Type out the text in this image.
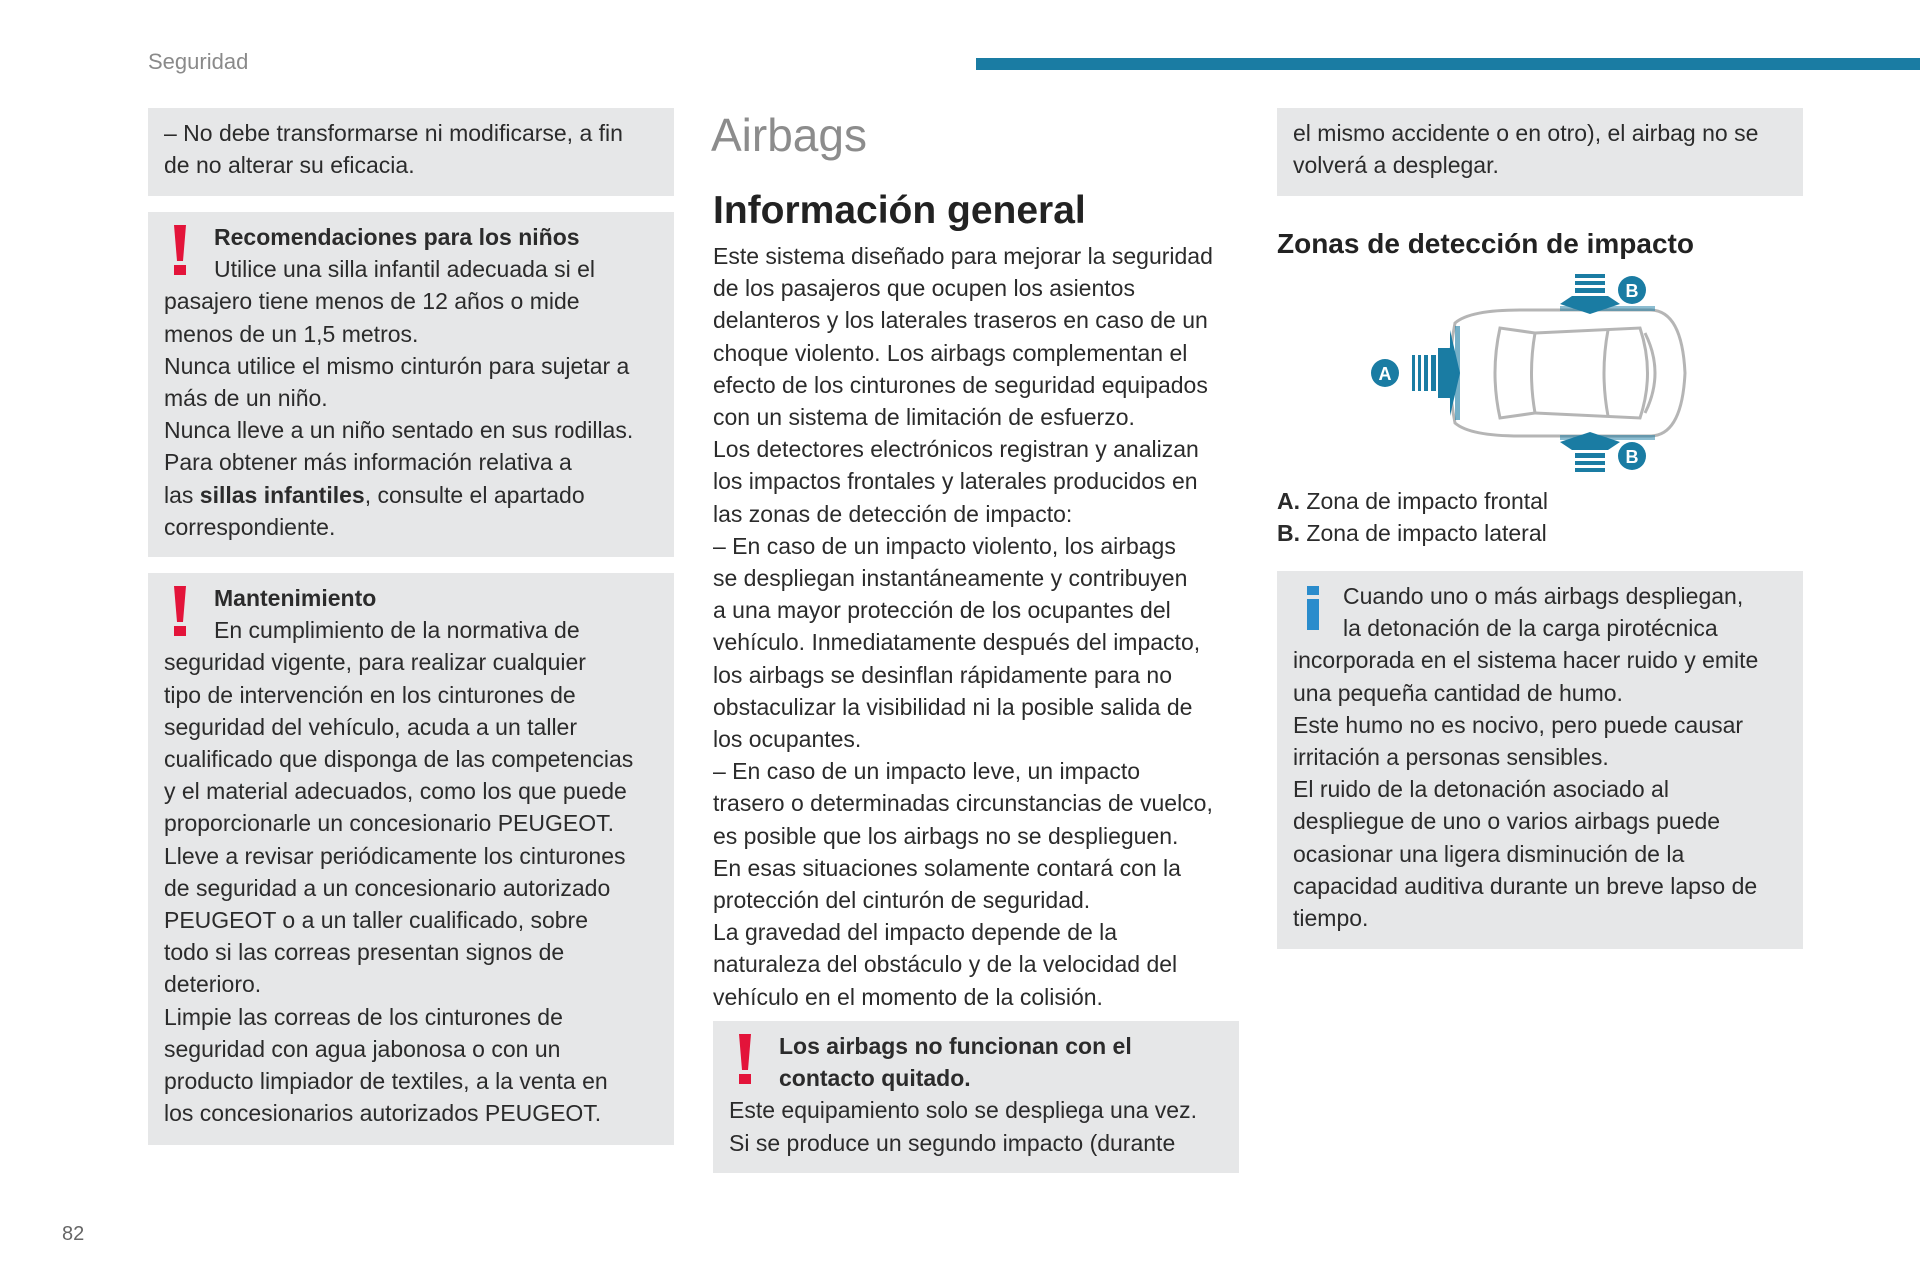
Seguridad
82
– No debe transformarse ni modificarse, a fin
de no alterar su eficacia.
Recomendaciones para los niños
Utilice una silla infantil adecuada si el
pasajero tiene menos de 12 años o mide
menos de un 1,5 metros.
Nunca utilice el mismo cinturón para sujetar a
más de un niño.
Nunca lleve a un niño sentado en sus rodillas.
Para obtener más información relativa a
las sillas infantiles, consulte el apartado
correspondiente.
Mantenimiento
En cumplimiento de la normativa de
seguridad vigente, para realizar cualquier
tipo de intervención en los cinturones de
seguridad del vehículo, acuda a un taller
cualificado que disponga de las competencias
y el material adecuados, como los que puede
proporcionarle un concesionario PEUGEOT.
Lleve a revisar periódicamente los cinturones
de seguridad a un concesionario autorizado
PEUGEOT o a un taller cualificado, sobre
todo si las correas presentan signos de
deterioro.
Limpie las correas de los cinturones de
seguridad con agua jabonosa o con un
producto limpiador de textiles, a la venta en
los concesionarios autorizados PEUGEOT.
Airbags
Información general
Este sistema diseñado para mejorar la seguridad
de los pasajeros que ocupen los asientos
delanteros y los laterales traseros en caso de un
choque violento. Los airbags complementan el
efecto de los cinturones de seguridad equipados
con un sistema de limitación de esfuerzo.
Los detectores electrónicos registran y analizan
los impactos frontales y laterales producidos en
las zonas de detección de impacto:
– En caso de un impacto violento, los airbags
se despliegan instantáneamente y contribuyen
a una mayor protección de los ocupantes del
vehículo. Inmediatamente después del impacto,
los airbags se desinflan rápidamente para no
obstaculizar la visibilidad ni la posible salida de
los ocupantes.
– En caso de un impacto leve, un impacto
trasero o determinadas circunstancias de vuelco,
es posible que los airbags no se desplieguen.
En esas situaciones solamente contará con la
protección del cinturón de seguridad.
La gravedad del impacto depende de la
naturaleza del obstáculo y de la velocidad del
vehículo en el momento de la colisión.
Los airbags no funcionan con el
contacto quitado.
Este equipamiento solo se despliega una vez.
Si se produce un segundo impacto (durante
el mismo accidente o en otro), el airbag no se
volverá a desplegar.
Zonas de detección de impacto
A
B
B
A. Zona de impacto frontal
B. Zona de impacto lateral
Cuando uno o más airbags despliegan,
la detonación de la carga pirotécnica
incorporada en el sistema hacer ruido y emite
una pequeña cantidad de humo.
Este humo no es nocivo, pero puede causar
irritación a personas sensibles.
El ruido de la detonación asociado al
despliegue de uno o varios airbags puede
ocasionar una ligera disminución de la
capacidad auditiva durante un breve lapso de
tiempo.
